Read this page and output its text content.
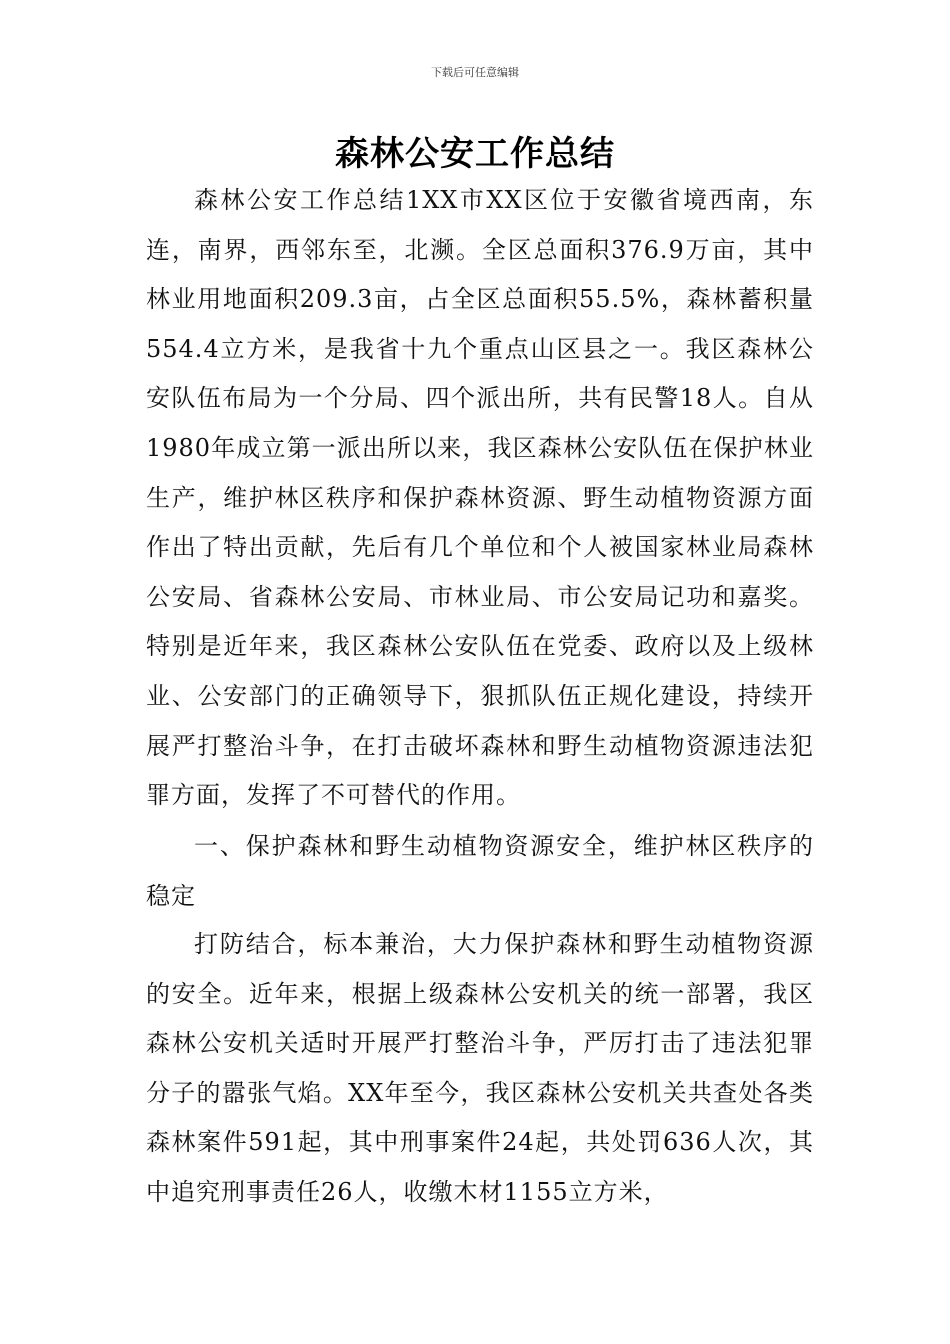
下载后可任意编辑
森林公安工作总结

森林公安工作总结1XX市XX区位于安徽省境西南，东连，南界，西邻东至，北濒。全区总面积376.9万亩，其中林业用地面积209.3亩，占全区总面积55.5%，森林蓄积量554.4立方米，是我省十九个重点山区县之一。我区森林公安队伍布局为一个分局、四个派出所，共有民警18人。自从1980年成立第一派出所以来，我区森林公安队伍在保护林业生产，维护林区秩序和保护森林资源、野生动植物资源方面作出了特出贡献，先后有几个单位和个人被国家林业局森林公安局、省森林公安局、市林业局、市公安局记功和嘉奖。特别是近年来，我区森林公安队伍在党委、政府以及上级林业、公安部门的正确领导下，狠抓队伍正规化建设，持续开展严打整治斗争，在打击破坏森林和野生动植物资源违法犯罪方面，发挥了不可替代的作用。

一、保护森林和野生动植物资源安全，维护林区秩序的稳定

打防结合，标本兼治，大力保护森林和野生动植物资源的安全。近年来，根据上级森林公安机关的统一部署，我区森林公安机关适时开展严打整治斗争，严厉打击了违法犯罪分子的嚣张气焰。XX年至今，我区森林公安机关共查处各类森林案件591起，其中刑事案件24起，共处罚636人次，其中追究刑事责任26人，收缴木材1155立方米，
